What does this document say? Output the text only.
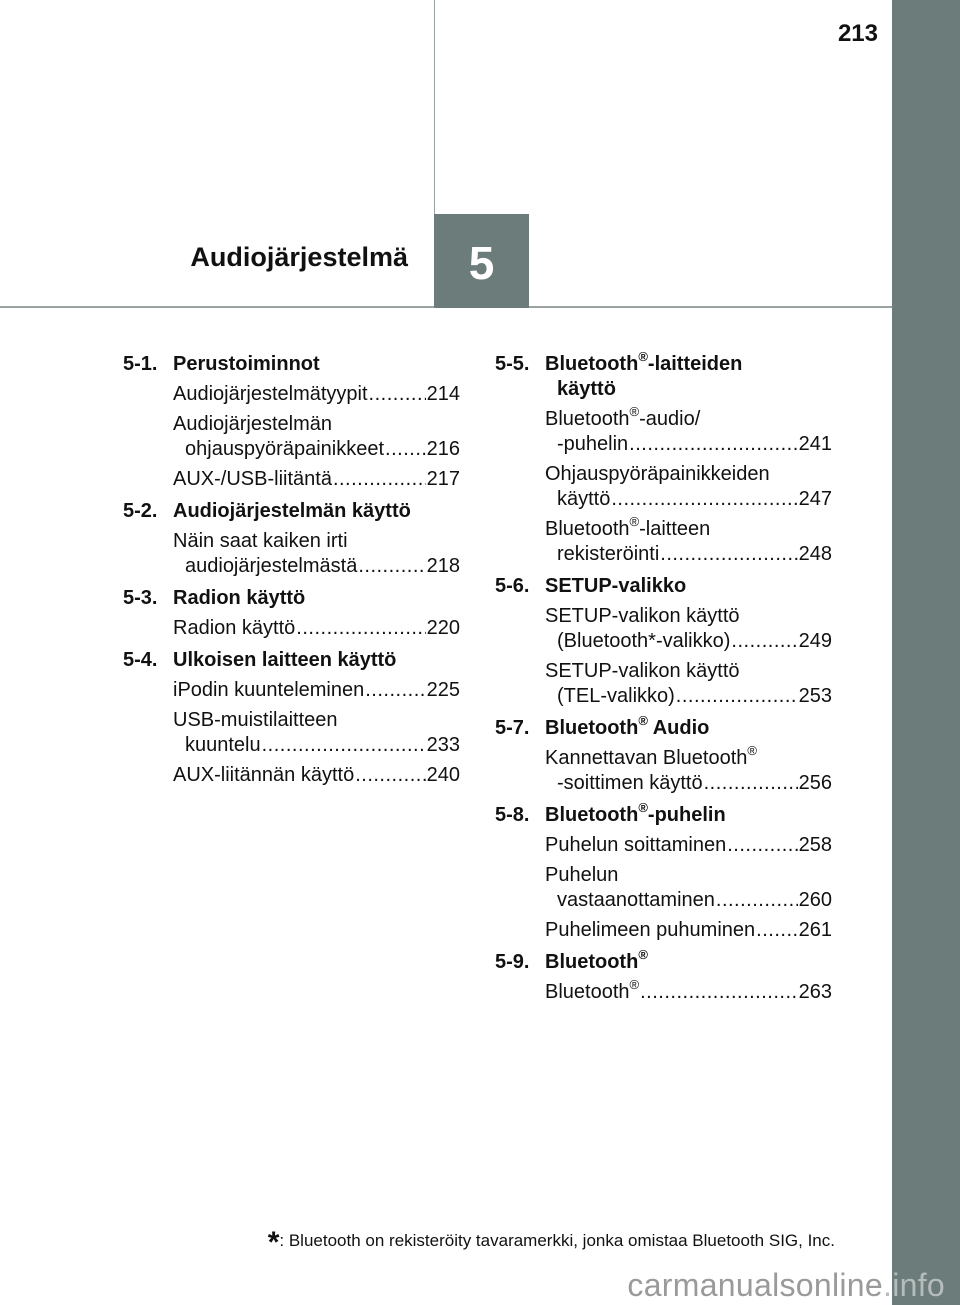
213
Audiojärjestelmä 5
5-1. Perustoiminnot
Audiojärjestelmätyypit .....	214
Audiojärjestelmän
ohjauspyöräpainikkeet ..... 216
AUX-/USB-liitäntä .....	217
5-2. Audiojärjestelmän käyttö
Näin saat kaiken irti
audiojärjestelmästä .....	218
5-3. Radion käyttö
Radion käyttö .....	220
5-4. Ulkoisen laitteen käyttö
iPodin kuunteleminen .....	225
USB-muistilaitteen
kuuntelu .....	233
AUX-liitännän käyttö .....	240
5-5. Bluetooth®-laitteiden
käyttö
Bluetooth®-audio/
-puhelin .....	241
Ohjauspyöräpainikkeiden
käyttö .....	247
Bluetooth®-laitteen
rekisteröinti .....	248
5-6. SETUP-valikko
SETUP-valikon käyttö
(Bluetooth*-valikko) .....	249
SETUP-valikon käyttö
(TEL-valikko) .....	253
5-7. Bluetooth® Audio
Kannettavan Bluetooth®
-soittimen käyttö .....	256
5-8. Bluetooth®-puhelin
Puhelun soittaminen .....	258
Puhelun
vastaanottaminen .....	260
Puhelimeen puhuminen ..... 261
5-9. Bluetooth®
Bluetooth® .....	263
*: Bluetooth on rekisteröity tavaramerkki, jonka omistaa Bluetooth SIG, Inc.
carmanualsonline.info
